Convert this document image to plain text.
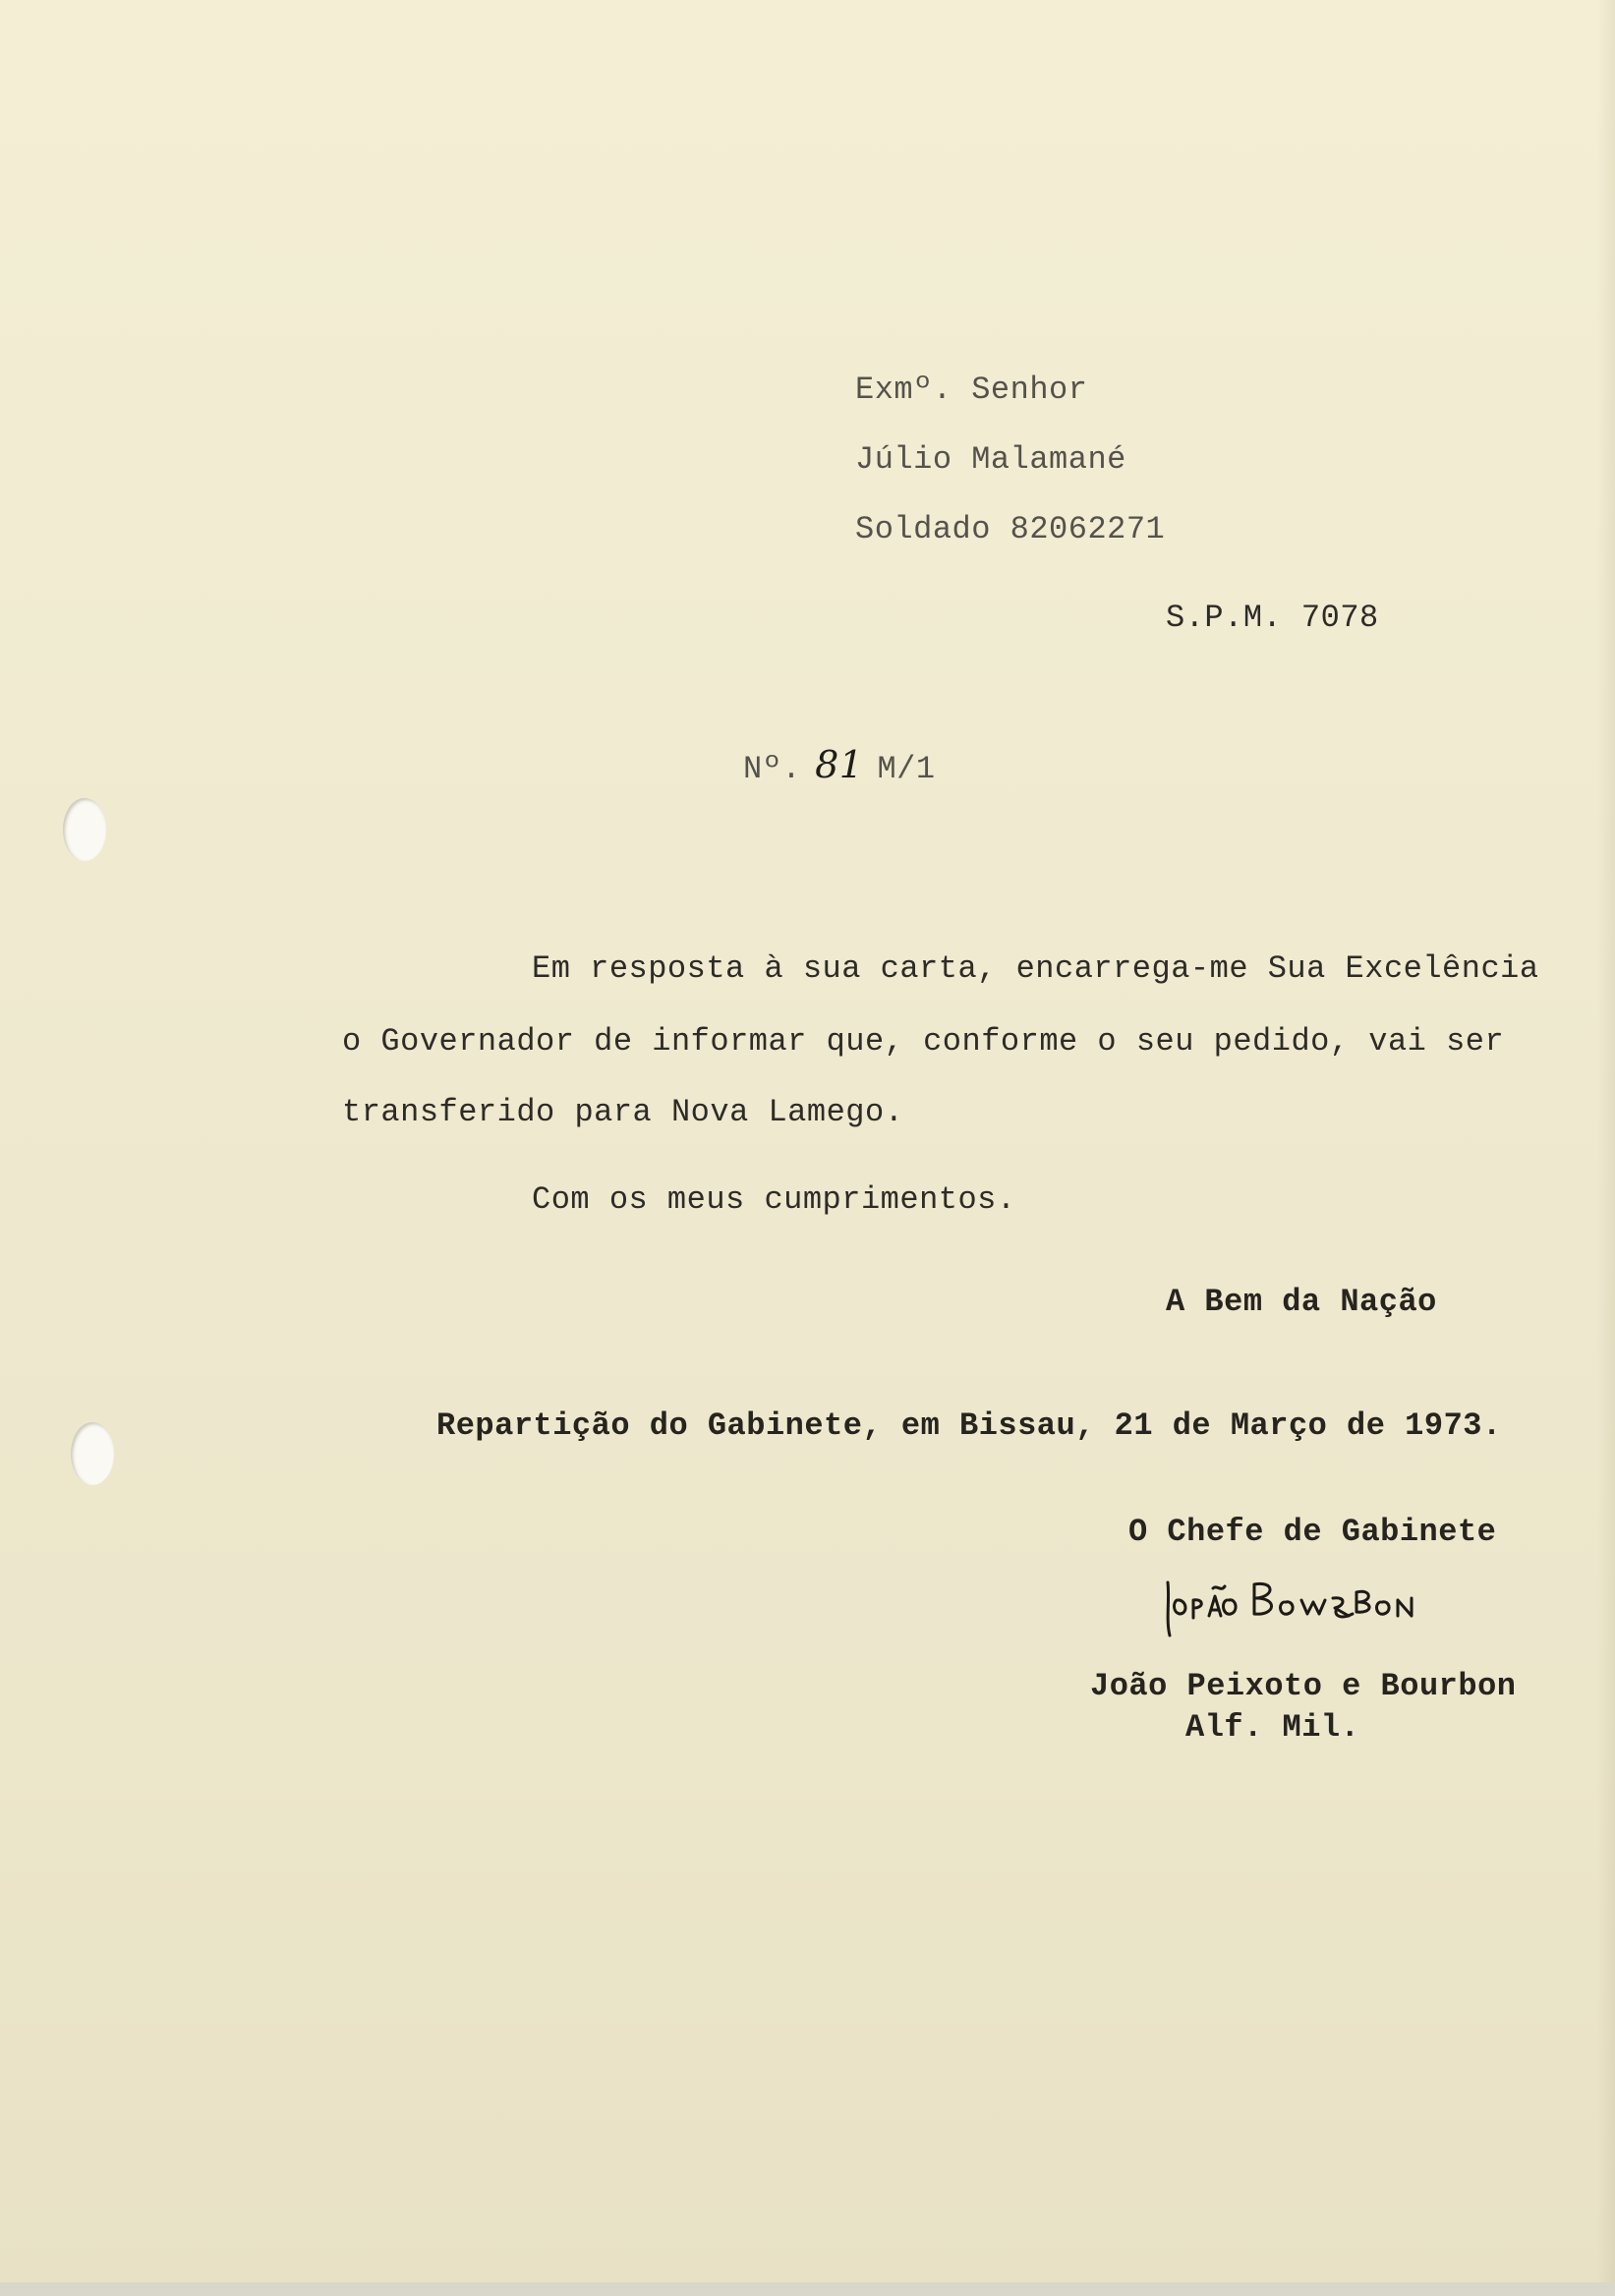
Exmº. Senhor
Júlio Malamané
Soldado 82062271
S.P.M. 7078
Nº. 81 M/1
Em resposta à sua carta, encarrega-me Sua Excelência
o Governador de informar que, conforme o seu pedido, vai ser
transferido para Nova Lamego.
Com os meus cumprimentos.
A Bem da Nação
Repartição do Gabinete, em Bissau, 21 de Março de 1973.
O Chefe de Gabinete
João Peixoto e Bourbon
Alf. Mil.
